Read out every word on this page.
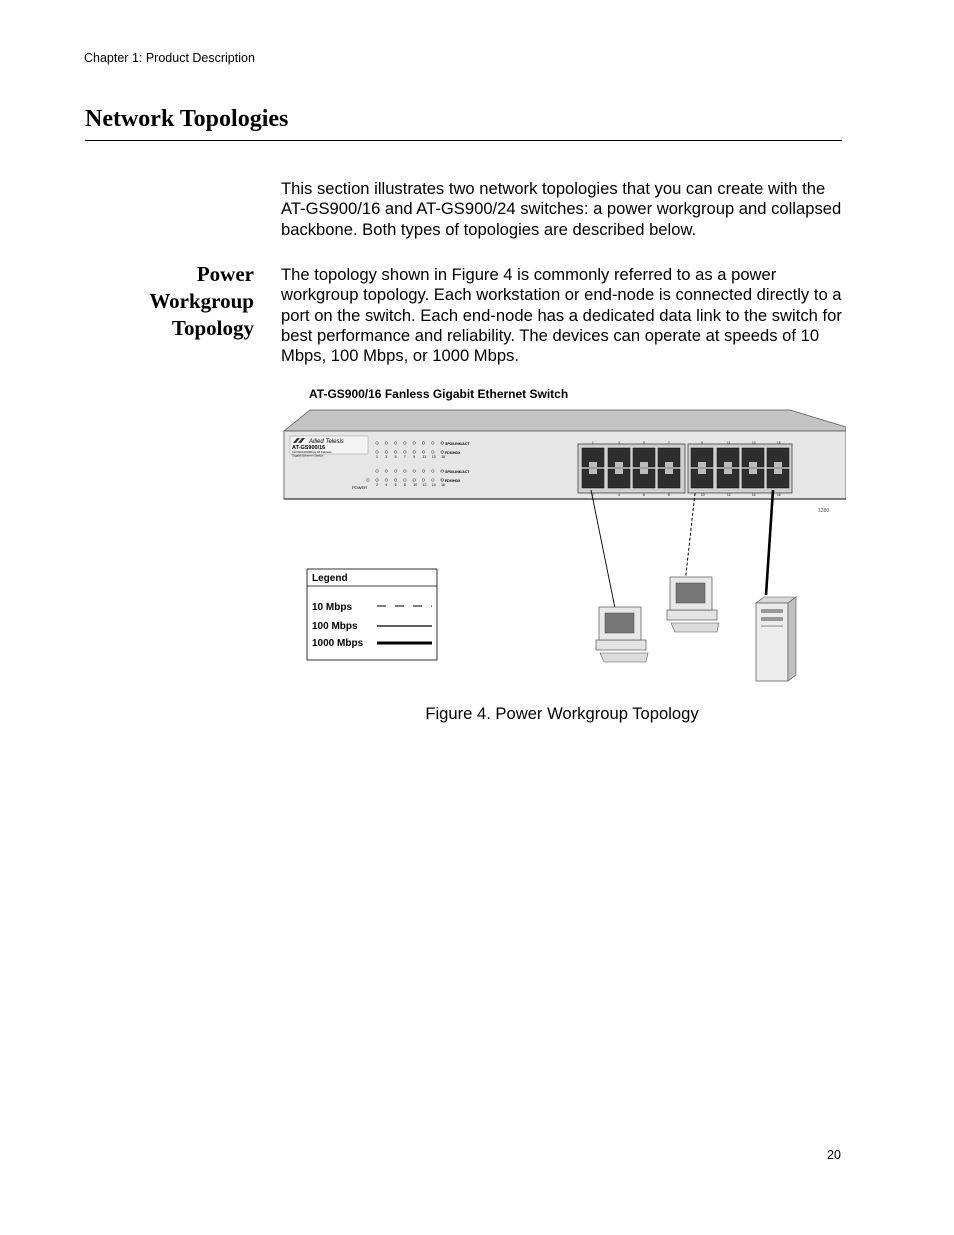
Chapter 1: Product Description
Network Topologies

This section illustrates two network topologies that you can create with the AT-GS900/16 and AT-GS900/24 switches: a power workgroup and collapsed backbone. Both types of topologies are described below.

Power
Workgroup
Topology

The topology shown in Figure 4 is commonly referred to as a power workgroup topology. Each workstation or end-node is connected directly to a port on the switch. Each end-node has a dedicated data link to the switch for best performance and reliability. The devices can operate at speeds of 10 Mbps, 100 Mbps, or 1000 Mbps.

AT-GS900/16 Fanless Gigabit Ethernet Switch
Allied Telesis
AT-GS900/16
10/100/1000Mbps 16 Fanless
Gigabit Ethernet Switch	1 3 5 7 9 11 13 15
2 4 6 8 10 12 14 16
SPD/LINK/ACT
FDX/HDX
SPD/LINK/ACT
FDX/HDX
POWER
1
2
3
4
5
6
7
8
9
10
11
12
13
14
15
16
1280
Legend
10 Mbps
100 Mbps
1000 Mbps
Figure 4. Power Workgroup Topology
20
